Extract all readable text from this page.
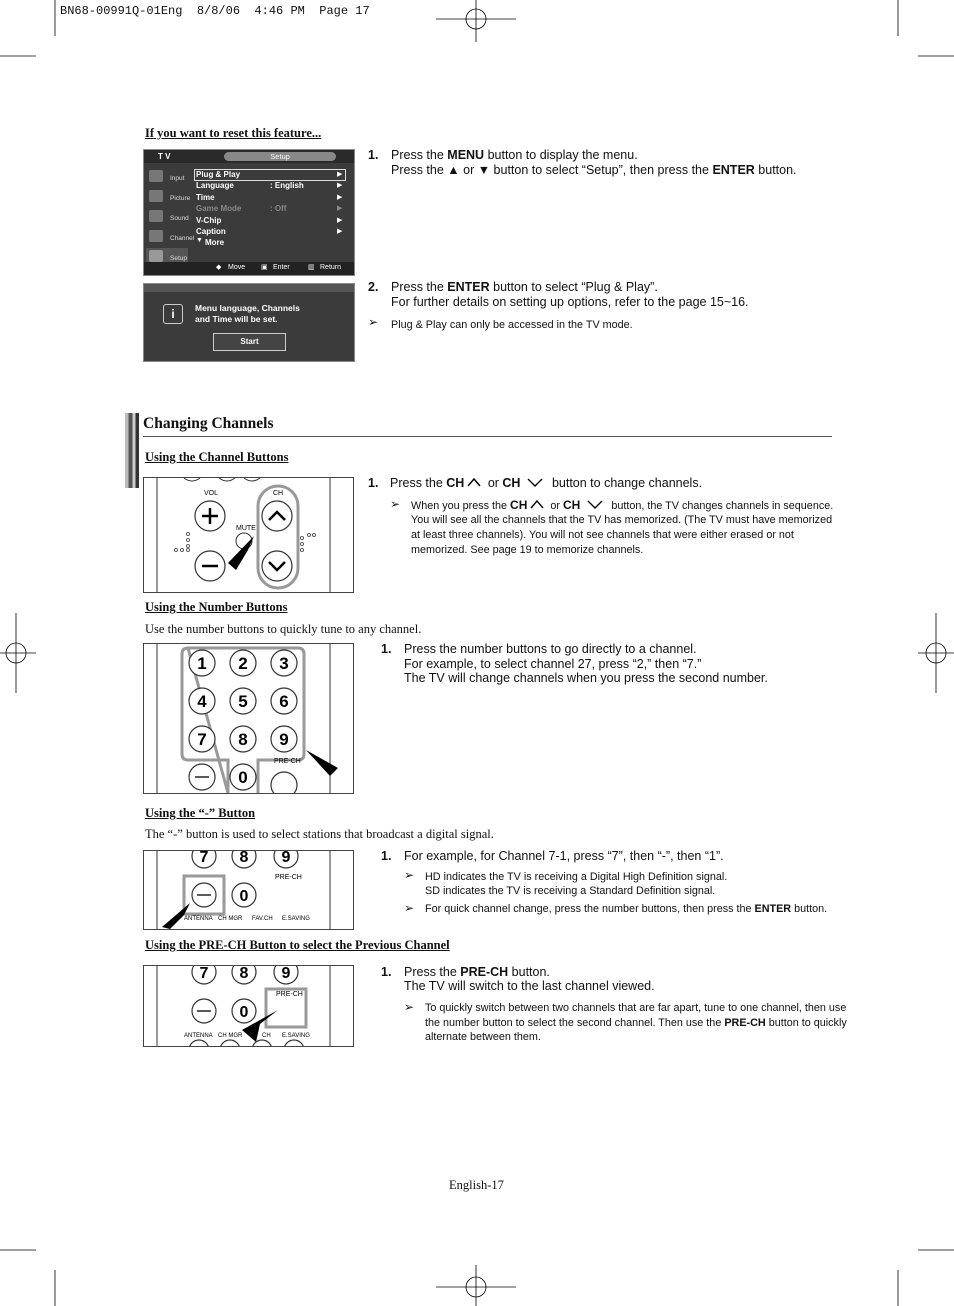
BN68-00991Q-01Eng  8/8/06  4:46 PM  Page 17
If you want to reset this feature...
T V	Setup
Input
Picture
Sound
Channel
Setup
Plug & Play	▶
Language	: English	▶
Time	▶
Game Mode	: Off	▶
V-Chip	▶
Caption	▶
▼ More
◆ Move ▣ Enter	▥ Return
i	Menu language, Channels
and Time will be set.
Start
1. Press the MENU button to display the menu.
Press the ▲ or ▼ button to select “Setup”, then press the ENTER button.
2. Press the ENTER button to select “Plug & Play”.
For further details on setting up options, refer to the page 15~16.
➢ Plug & Play can only be accessed in the TV mode.
Changing Channels
Using the Channel Buttons
VOL	CH
MUTE
1. Press the CH or CH button to change channels.
➢ When you press the CH or CH	button, the TV changes channels in sequence.
You will see all the channels that the TV has memorized. (The TV must have memorized
at least three channels). You will not see channels that were either erased or not
memorized. See page 19 to memorize channels.
Using the Number Buttons
Use the number buttons to quickly tune to any channel.
1 2 3
4 5 6
7 8 9
0
PRE-CH
1. Press the number buttons to go directly to a channel.
For example, to select channel 27, press “2,” then “7.”
The TV will change channels when you press the second number.
Using the “-” Button
The “-” button is used to select stations that broadcast a digital signal.
7 8 9
0
PRE-CH
ANTENNA CH MGR FAV.CH E.SAVING
1. For example, for Channel 7-1, press “7”, then “-”, then “1”.
➢ HD indicates the TV is receiving a Digital High Definition signal.
SD indicates the TV is receiving a Standard Definition signal.
➢ For quick channel change, press the number buttons, then press the ENTER button.
Using the PRE-CH Button to select the Previous Channel
7 8 9
0
PRE-CH
ANTENNA CH MGR	CH E.SAVING
1. Press the PRE-CH button.
The TV will switch to the last channel viewed.
➢ To quickly switch between two channels that are far apart, tune to one channel, then use
the number button to select the second channel. Then use the PRE-CH button to quickly
alternate between them.
English-17
